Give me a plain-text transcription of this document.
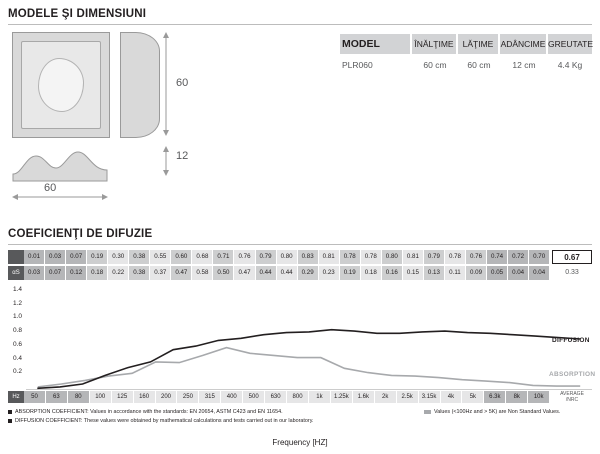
MODELE ŞI DIMENSIUNI
60
12
60
MODEL	ÎNĂLŢIME	LĂŢIME ADÂNCIME GREUTATE
PLR060	60 cm	60 cm	12 cm	4.4 Kg
COEFICIENŢI DE DIFUZIE
0.01	0.03	0.07	0.19	0.30	0.38	0.55	0.60	0.68	0.71	0.76	0.79	0.80	0.83	0.81	0.78	0.78	0.80	0.81	0.79	0.78	0.76	0.74	0.72	0.70	0.67
αS	0.03	0.07	0.12	0.18	0.22	0.38	0.37	0.47	0.58	0.50	0.47	0.44	0.44	0.29	0.23	0.19	0.18	0.16	0.15	0.13	0.11	0.09	0.05	0.04	0.04	0.33
1.4
1.2
1.0
0.8
0.6
0.4
0.2
DIFFUSION
ABSORPTION
Hz	50	63	80	100	125	160	200	250	315	400	500	630	800	1k	1.25k	1.6k	2k	2.5k	3.15k	4k	5k	6.3k	8k	10k	AVERAGE
/NRC
ABSORPTION COEFFICIENT: Values in accordance with the standards: EN 20654, ASTM C423 and EN 11654.
DIFFUSION COEFFICIENT: These values were obtained by mathematical calculations and tests carried out in our laboratory.
Values (<100Hz and > 5K) are Non Standard Values.
Frequency [HZ]
